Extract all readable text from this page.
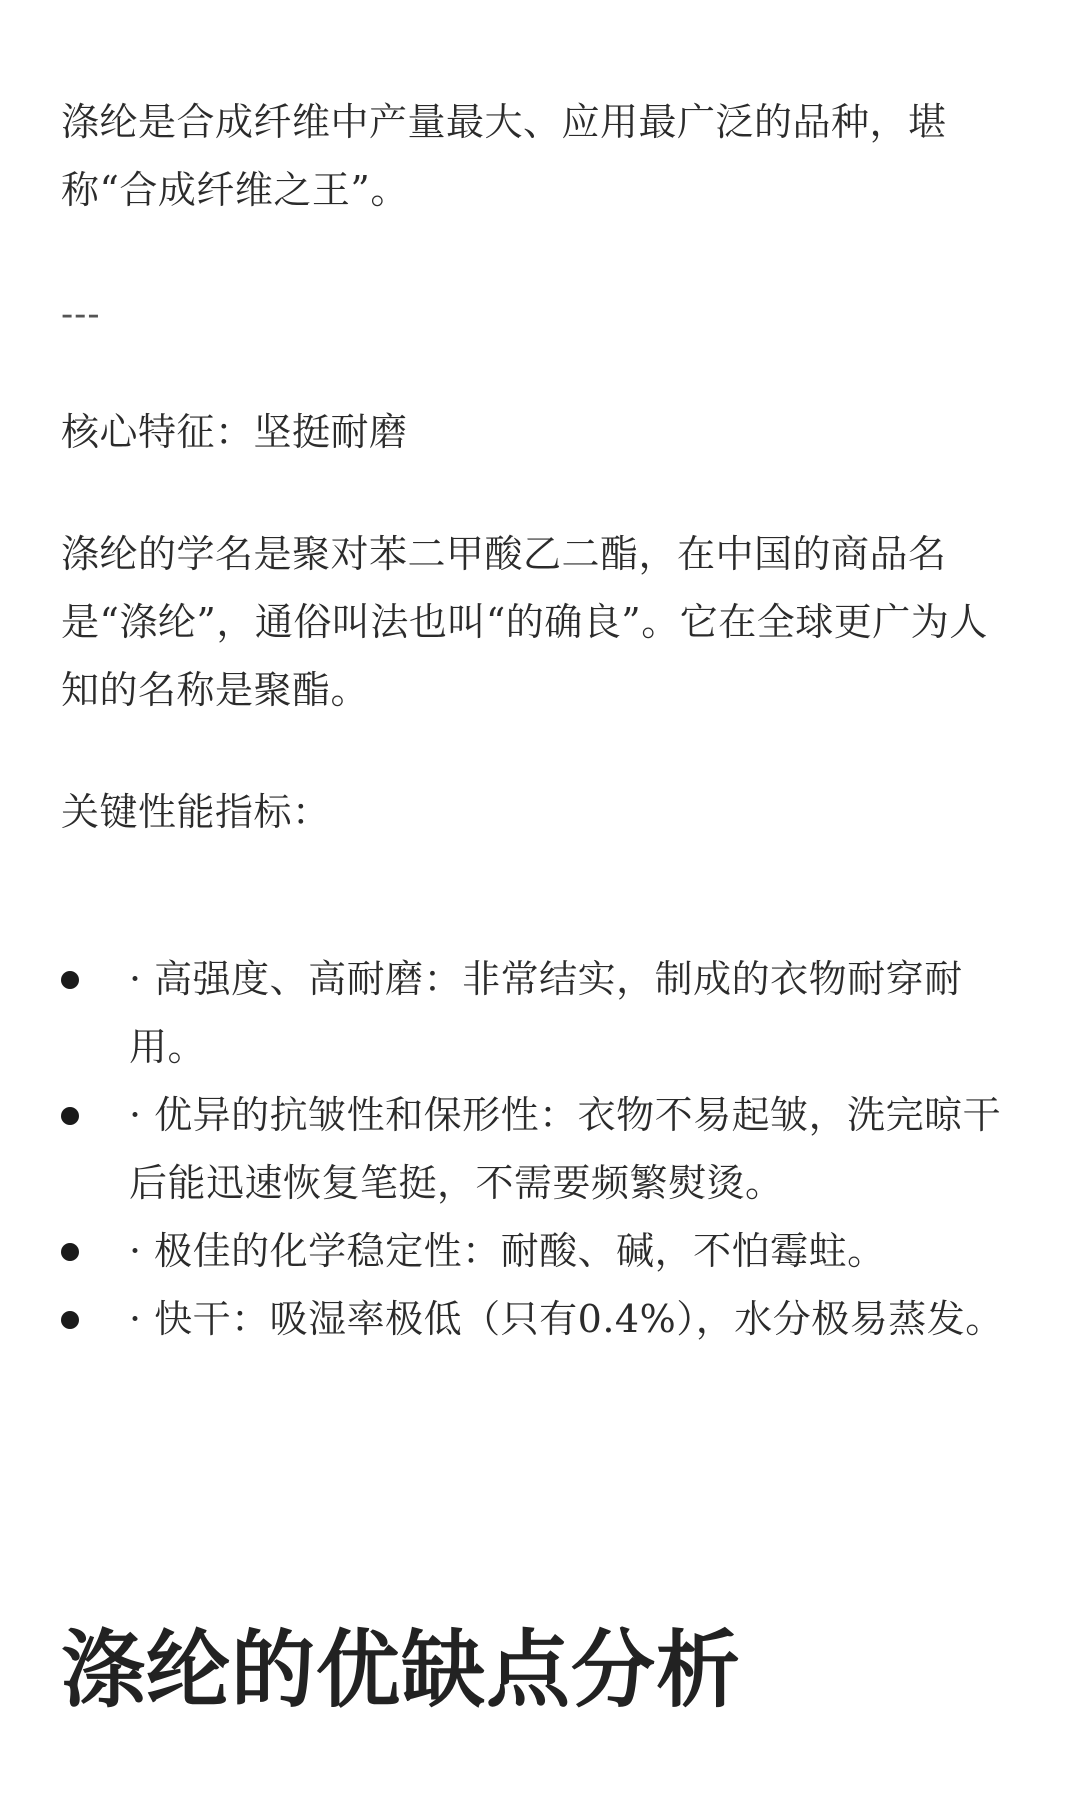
涤纶是合成纤维中产量最大、应用最广泛的品种，堪称“合成纤维之王”。

---

核心特征：坚挺耐磨

涤纶的学名是聚对苯二甲酸乙二酯，在中国的商品名是“涤纶”，通俗叫法也叫“的确良”。它在全球更广为人知的名称是聚酯。

关键性能指标：

· 高强度、高耐磨：非常结实，制成的衣物耐穿耐用。
· 优异的抗皱性和保形性：衣物不易起皱，洗完晾干后能迅速恢复笔挺，不需要频繁熨烫。
· 极佳的化学稳定性：耐酸、碱，不怕霉蛀。
· 快干：吸湿率极低（只有0.4%），水分极易蒸发。
涤纶的优缺点分析
